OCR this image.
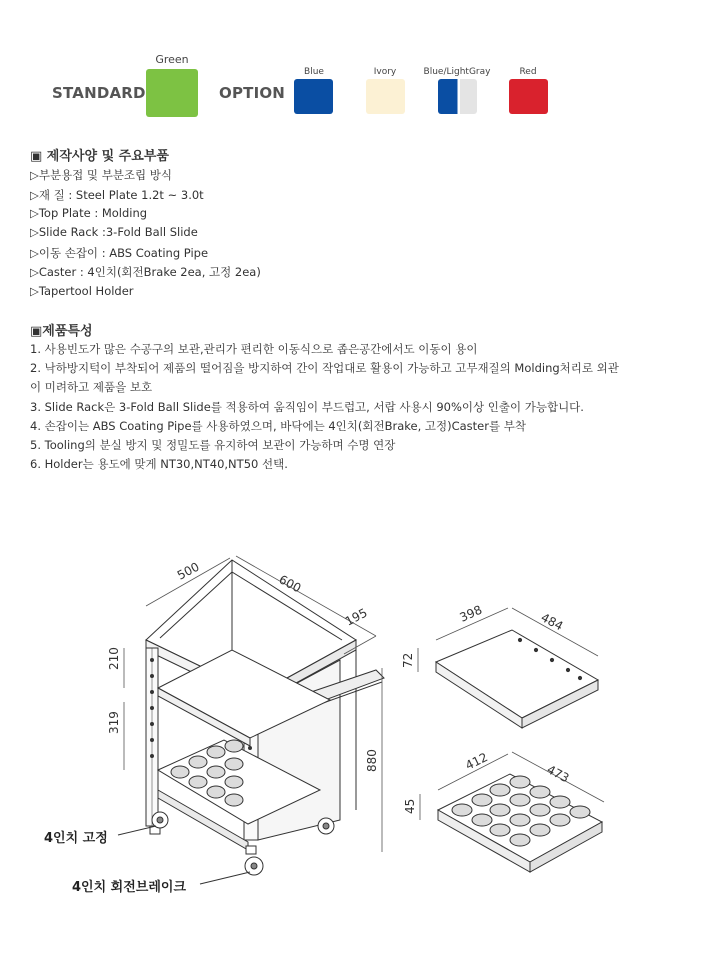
STANDARD
Green
OPTION
Blue	Ivory	Blue/LightGray	Red
▣ 제작사양 및 주요부품
▷부분용접 및 부분조립 방식
▷재 질 : Steel Plate 1.2t ~ 3.0t
▷Top Plate : Molding
▷Slide Rack :3-Fold Ball Slide
▷이동 손잡이 : ABS Coating Pipe
▷Caster : 4인치(회전Brake 2ea, 고정 2ea)
▷Tapertool Holder
▣제품특성
1. 사용빈도가 많은 수공구의 보관,관리가 편리한 이동식으로 좁은공간에서도 이동이 용이
2. 낙하방지턱이 부착되어 제품의 떨어짐을 방지하여 간이 작업대로 활용이 가능하고 고무재질의 Molding처리로 외관
이 미려하고 제품을 보호
3. Slide Rack은 3-Fold Ball Slide를 적용하여 움직임이 부드럽고, 서랍 사용시 90%이상 인출이 가능합니다.
4. 손잡이는 ABS Coating Pipe를 사용하였으며, 바닥에는 4인치(회전Brake, 고정)Caster를 부착
5. Tooling의 분실 방지 및 정밀도를 유지하여 보관이 가능하며 수명 연장
6. Holder는 용도에 맞게 NT30,NT40,NT50 선택.
500
600
195
210
319
880
398	484
72
412
473
45
4인치 고정
4인치 회전브레이크
